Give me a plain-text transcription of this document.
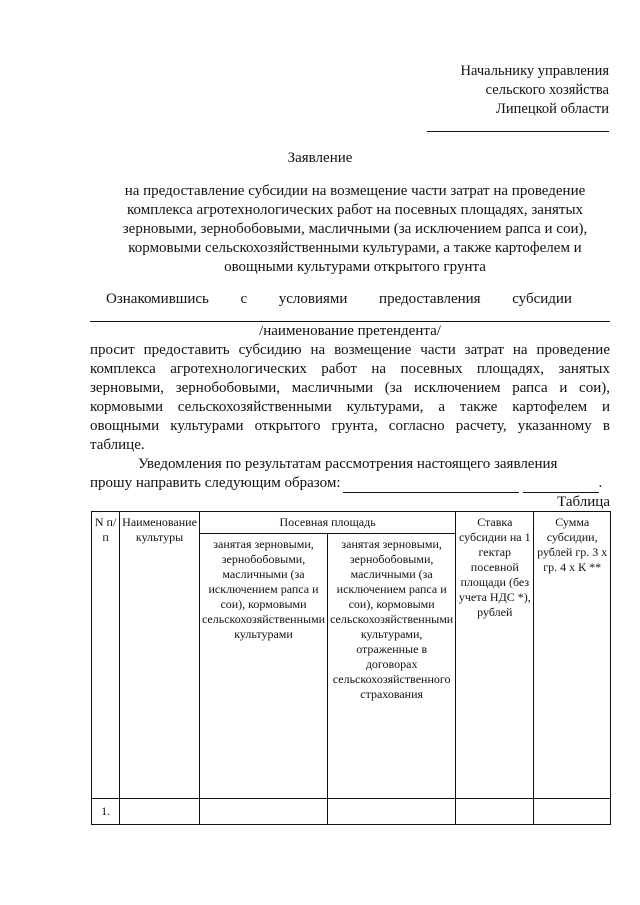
Начальнику управления
сельского хозяйства
Липецкой области
Заявление
на предоставление субсидии на возмещение части затрат на проведение
комплекса агротехнологических работ на посевных площадях, занятых
зерновыми, зернобобовыми, масличными (за исключением рапса и сои),
кормовыми сельскохозяйственными культурами, а также картофелем и
овощными культурами открытого грунта
Ознакомившись с условиями предоставления субсидии
/наименование претендента/
просит предоставить субсидию на возмещение части затрат на проведение комплекса агротехнологических работ на посевных площадях, занятых зерновыми, зернобобовыми, масличными (за исключением рапса и сои), кормовыми сельскохозяйственными культурами, а также картофелем и овощными культурами открытого грунта, согласно расчету, указанному в таблице.
Уведомления по результатам рассмотрения настоящего заявления
прошу направить следующим образом:	.
Таблица
N п/п	Наименование культуры	Посевная площадь		Ставка субсидии на 1 гектар посевной площади (без учета НДС *), рублей	Сумма субсидии, рублей гр. 3 х гр. 4 х К **
		занятая зерновыми, зернобобовыми, масличными (за исключением рапса и сои), кормовыми сельскохозяйственными культурами	занятая зерновыми, зернобобовыми, масличными (за исключением рапса и сои), кормовыми сельскохозяйственными культурами, отраженные в договорах сельскохозяйственного страхования		
1.					
